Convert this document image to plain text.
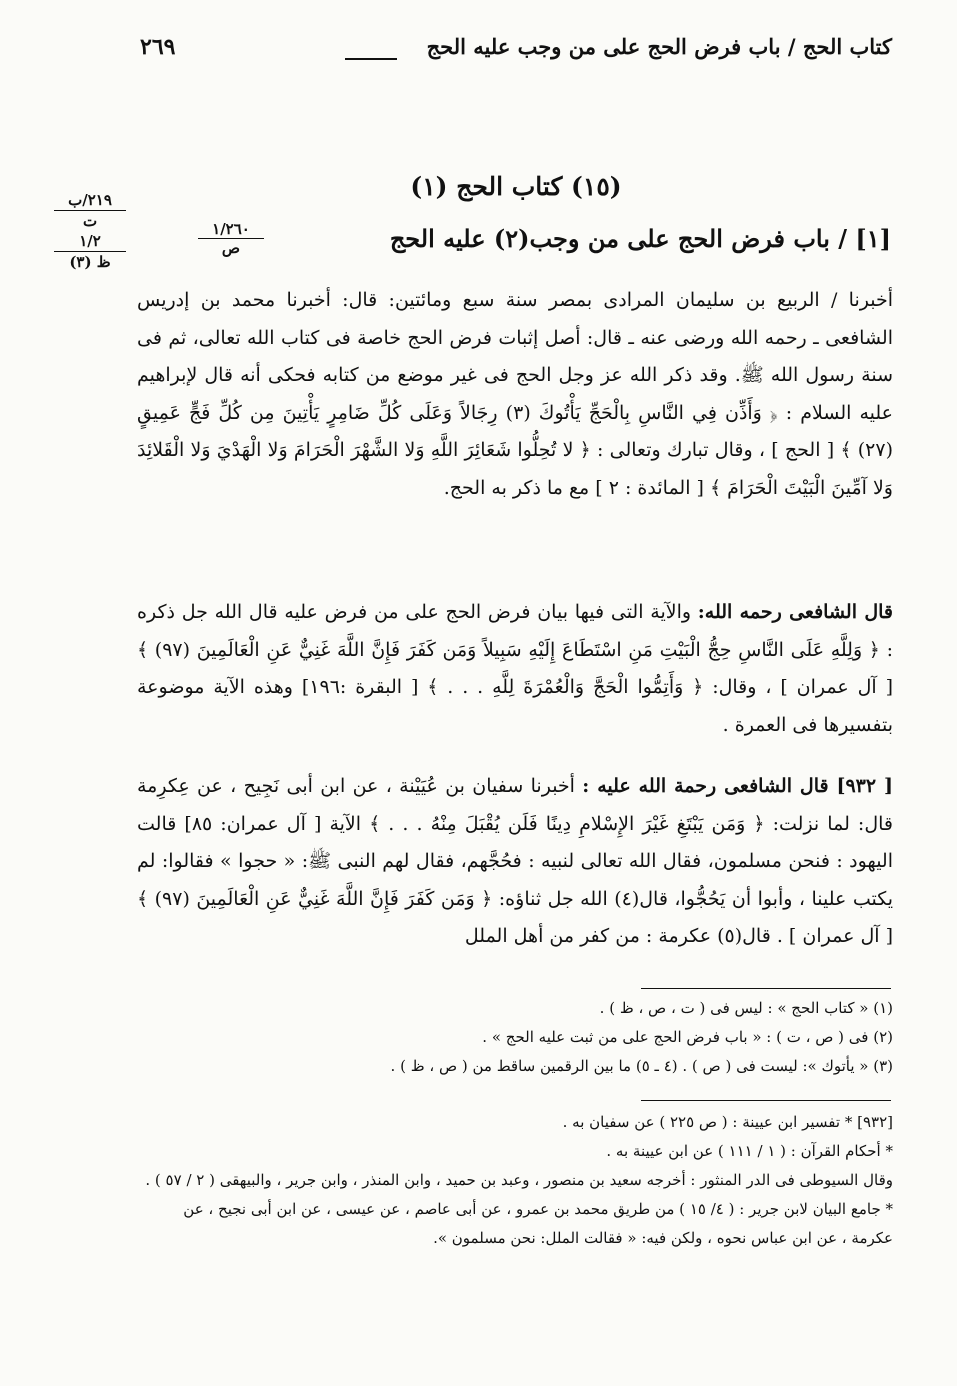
كتاب الحج / باب فرض الحج على من وجب عليه الحج
٢٦٩
٢١٩/ب
ت
١/٢
ظ (٣)
(١٥) كتاب الحج (١)
[١] / باب فرض الحج على من وجب(٢) عليه الحج
١/٢٦٠
ص
أخبرنا / الربيع بن سليمان المرادى بمصر سنة سبع ومائتين: قال: أخبرنا محمد بن إدريس الشافعى ـ رحمه الله ورضى عنه ـ قال: أصل إثبات فرض الحج خاصة فى كتاب الله تعالى، ثم فى سنة رسول الله ﷺ. وقد ذكر الله عز وجل الحج فى غير موضع من كتابه فحكى أنه قال لإبراهيم عليه السلام : ﴿ وَأَذِّن فِي النَّاسِ بِالْحَجِّ يَأْتُوكَ (٣) رِجَالاً وَعَلَى كُلِّ ضَامِرٍ يَأْتِينَ مِن كُلِّ فَجٍّ عَمِيقٍ (٢٧) ﴾ [ الحج ] ، وقال تبارك وتعالى : ﴿ لا تُحِلُّوا شَعَائِرَ اللَّهِ وَلا الشَّهْرَ الْحَرَامَ وَلا الْهَدْيَ وَلا الْقَلائِدَ وَلا آمِّينَ الْبَيْتَ الْحَرَامَ ﴾ [ المائدة : ٢ ] مع ما ذكر به الحج.
قال الشافعى رحمه الله: والآية التى فيها بيان فرض الحج على من فرض عليه قال الله جل ذكره : ﴿ وَلِلَّهِ عَلَى النَّاسِ حِجُّ الْبَيْتِ مَنِ اسْتَطَاعَ إِلَيْهِ سَبِيلاً وَمَن كَفَرَ فَإِنَّ اللَّهَ غَنِيٌّ عَنِ الْعَالَمِينَ (٩٧) ﴾ [ آل عمران ] ، وقال: ﴿ وَأَتِمُّوا الْحَجَّ وَالْعُمْرَةَ لِلَّهِ . . . ﴾ [ البقرة :١٩٦] وهذه الآية موضوعة بتفسيرها فى العمرة .
[ ٩٣٢] قال الشافعى رحمة الله عليه : أخبرنا سفيان بن عُيَيْنة ، عن ابن أبى نَجِيح ، عن عِكرِمة قال: لما نزلت: ﴿ وَمَن يَبْتَغِ غَيْرَ الإِسْلامِ دِينًا فَلَن يُقْبَلَ مِنْهُ . . . ﴾ الآية [ آل عمران: ٨٥] قالت اليهود : فنحن مسلمون، فقال الله تعالى لنبيه : فحُجَّهم، فقال لهم النبى ﷺ: « حجوا » فقالوا: لم يكتب علينا ، وأبوا أن يَحُجُّوا، قال(٤) الله جل ثناؤه: ﴿ وَمَن كَفَرَ فَإِنَّ اللَّهَ غَنِيٌّ عَنِ الْعَالَمِينَ (٩٧) ﴾ [ آل عمران ] . قال(٥) عكرمة : من كفر من أهل الملل
(١) « كتاب الحج » : ليس فى ( ت ، ص ، ظ ) .
(٢) فى ( ص ، ت ) : « باب فرض الحج على من ثبت عليه الحج » .
(٣) « يأتوك »: ليست فى ( ص ) . (٤ ـ ٥) ما بين الرقمين ساقط من ( ص ، ظ ) .
[٩٣٢] * تفسير ابن عيينة : ( ص ٢٢٥ ) عن سفيان به .
* أحكام القرآن : ( ١ / ١١١ ) عن ابن عيينة به .
وقال السيوطى فى الدر المنثور : أخرجه سعيد بن منصور ، وعبد بن حميد ، وابن المنذر ، وابن جرير ، والبيهقى ( ٢ / ٥٧ ) .
* جامع البيان لابن جرير : ( ٤/ ١٥ ) من طريق محمد بن عمرو ، عن أبى عاصم ، عن عيسى ، عن ابن أبى نجيح ، عن عكرمة ، عن ابن عباس نحوه ، ولكن فيه: « فقالت الملل: نحن مسلمون ».
